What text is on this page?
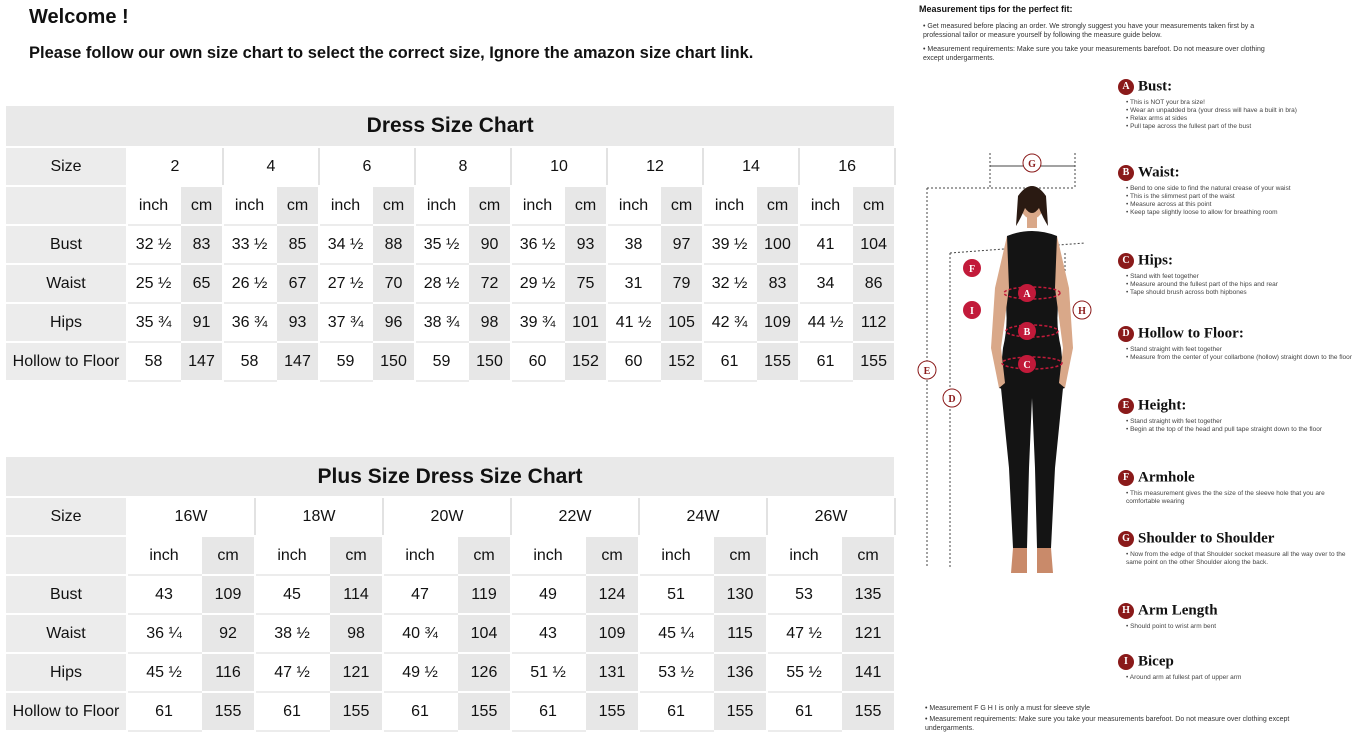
Welcome !
Please follow our own size chart to select the correct size, Ignore the amazon size chart link.
Dress Size Chart																
Size	2		4		6		8		10		12		14		16	
	inch	cm	inch	cm	inch	cm	inch	cm	inch	cm	inch	cm	inch	cm	inch	cm
Bust	32 ½	83	33 ½	85	34 ½	88	35 ½	90	36 ½	93	38	97	39 ½	100	41	104
Waist	25 ½	65	26 ½	67	27 ½	70	28 ½	72	29 ½	75	31	79	32 ½	83	34	86
Hips	35 ¾	91	36 ¾	93	37 ¾	96	38 ¾	98	39 ¾	101	41 ½	105	42 ¾	109	44 ½	112
Hollow to Floor	58	147	58	147	59	150	59	150	60	152	60	152	61	155	61	155
Plus Size Dress Size Chart												
Size	16W		18W		20W		22W		24W		26W	
	inch	cm	inch	cm	inch	cm	inch	cm	inch	cm	inch	cm
Bust	43	109	45	114	47	119	49	124	51	130	53	135
Waist	36 ¼	92	38 ½	98	40 ¾	104	43	109	45 ¼	115	47 ½	121
Hips	45 ½	116	47 ½	121	49 ½	126	51 ½	131	53 ½	136	55 ½	141
Hollow to Floor	61	155	61	155	61	155	61	155	61	155	61	155
Measurement tips for the perfect fit:
• Get measured before placing an order. We strongly suggest you have your measurements taken first by a
professional tailor or measure yourself by following the measure guide below.
• Measurement requirements: Make sure you take your measurements barefoot. Do not measure over clothing
except undergarments.
G
F
I
A
B
C
H
E
D
A Bust:
• This is NOT your bra size!
• Wear an unpadded bra (your dress will have a built in bra)
• Relax arms at sides
• Pull tape across the fullest part of the bust
B Waist:
• Bend to one side to find the natural crease of your waist
• This is the slimmest part of the waist
• Measure across at this point
• Keep tape slightly loose to allow for breathing room
C Hips:
• Stand with feet together
• Measure around the fullest part of the hips and rear
• Tape should brush across both hipbones
D Hollow to Floor:
• Stand straight with feet together
• Measure from the center of your collarbone (hollow) straight down to the floor
E Height:
• Stand straight with feet together
• Begin at the top of the head and pull tape straight down to the floor
F Armhole
• This measurement gives the the size of the sleeve hole that you are comfortable wearing
G Shoulder to Shoulder
• Now from the edge of that Shoulder socket measure all the way over to the same point on the other Shoulder along the back.
H Arm Length
• Should point to wrist arm bent
I Bicep
• Around arm at fullest part of upper arm
• Measurement F G H I is only a must for sleeve style
• Measurement requirements: Make sure you take your measurements barefoot. Do not measure over clothing except
undergarments.
